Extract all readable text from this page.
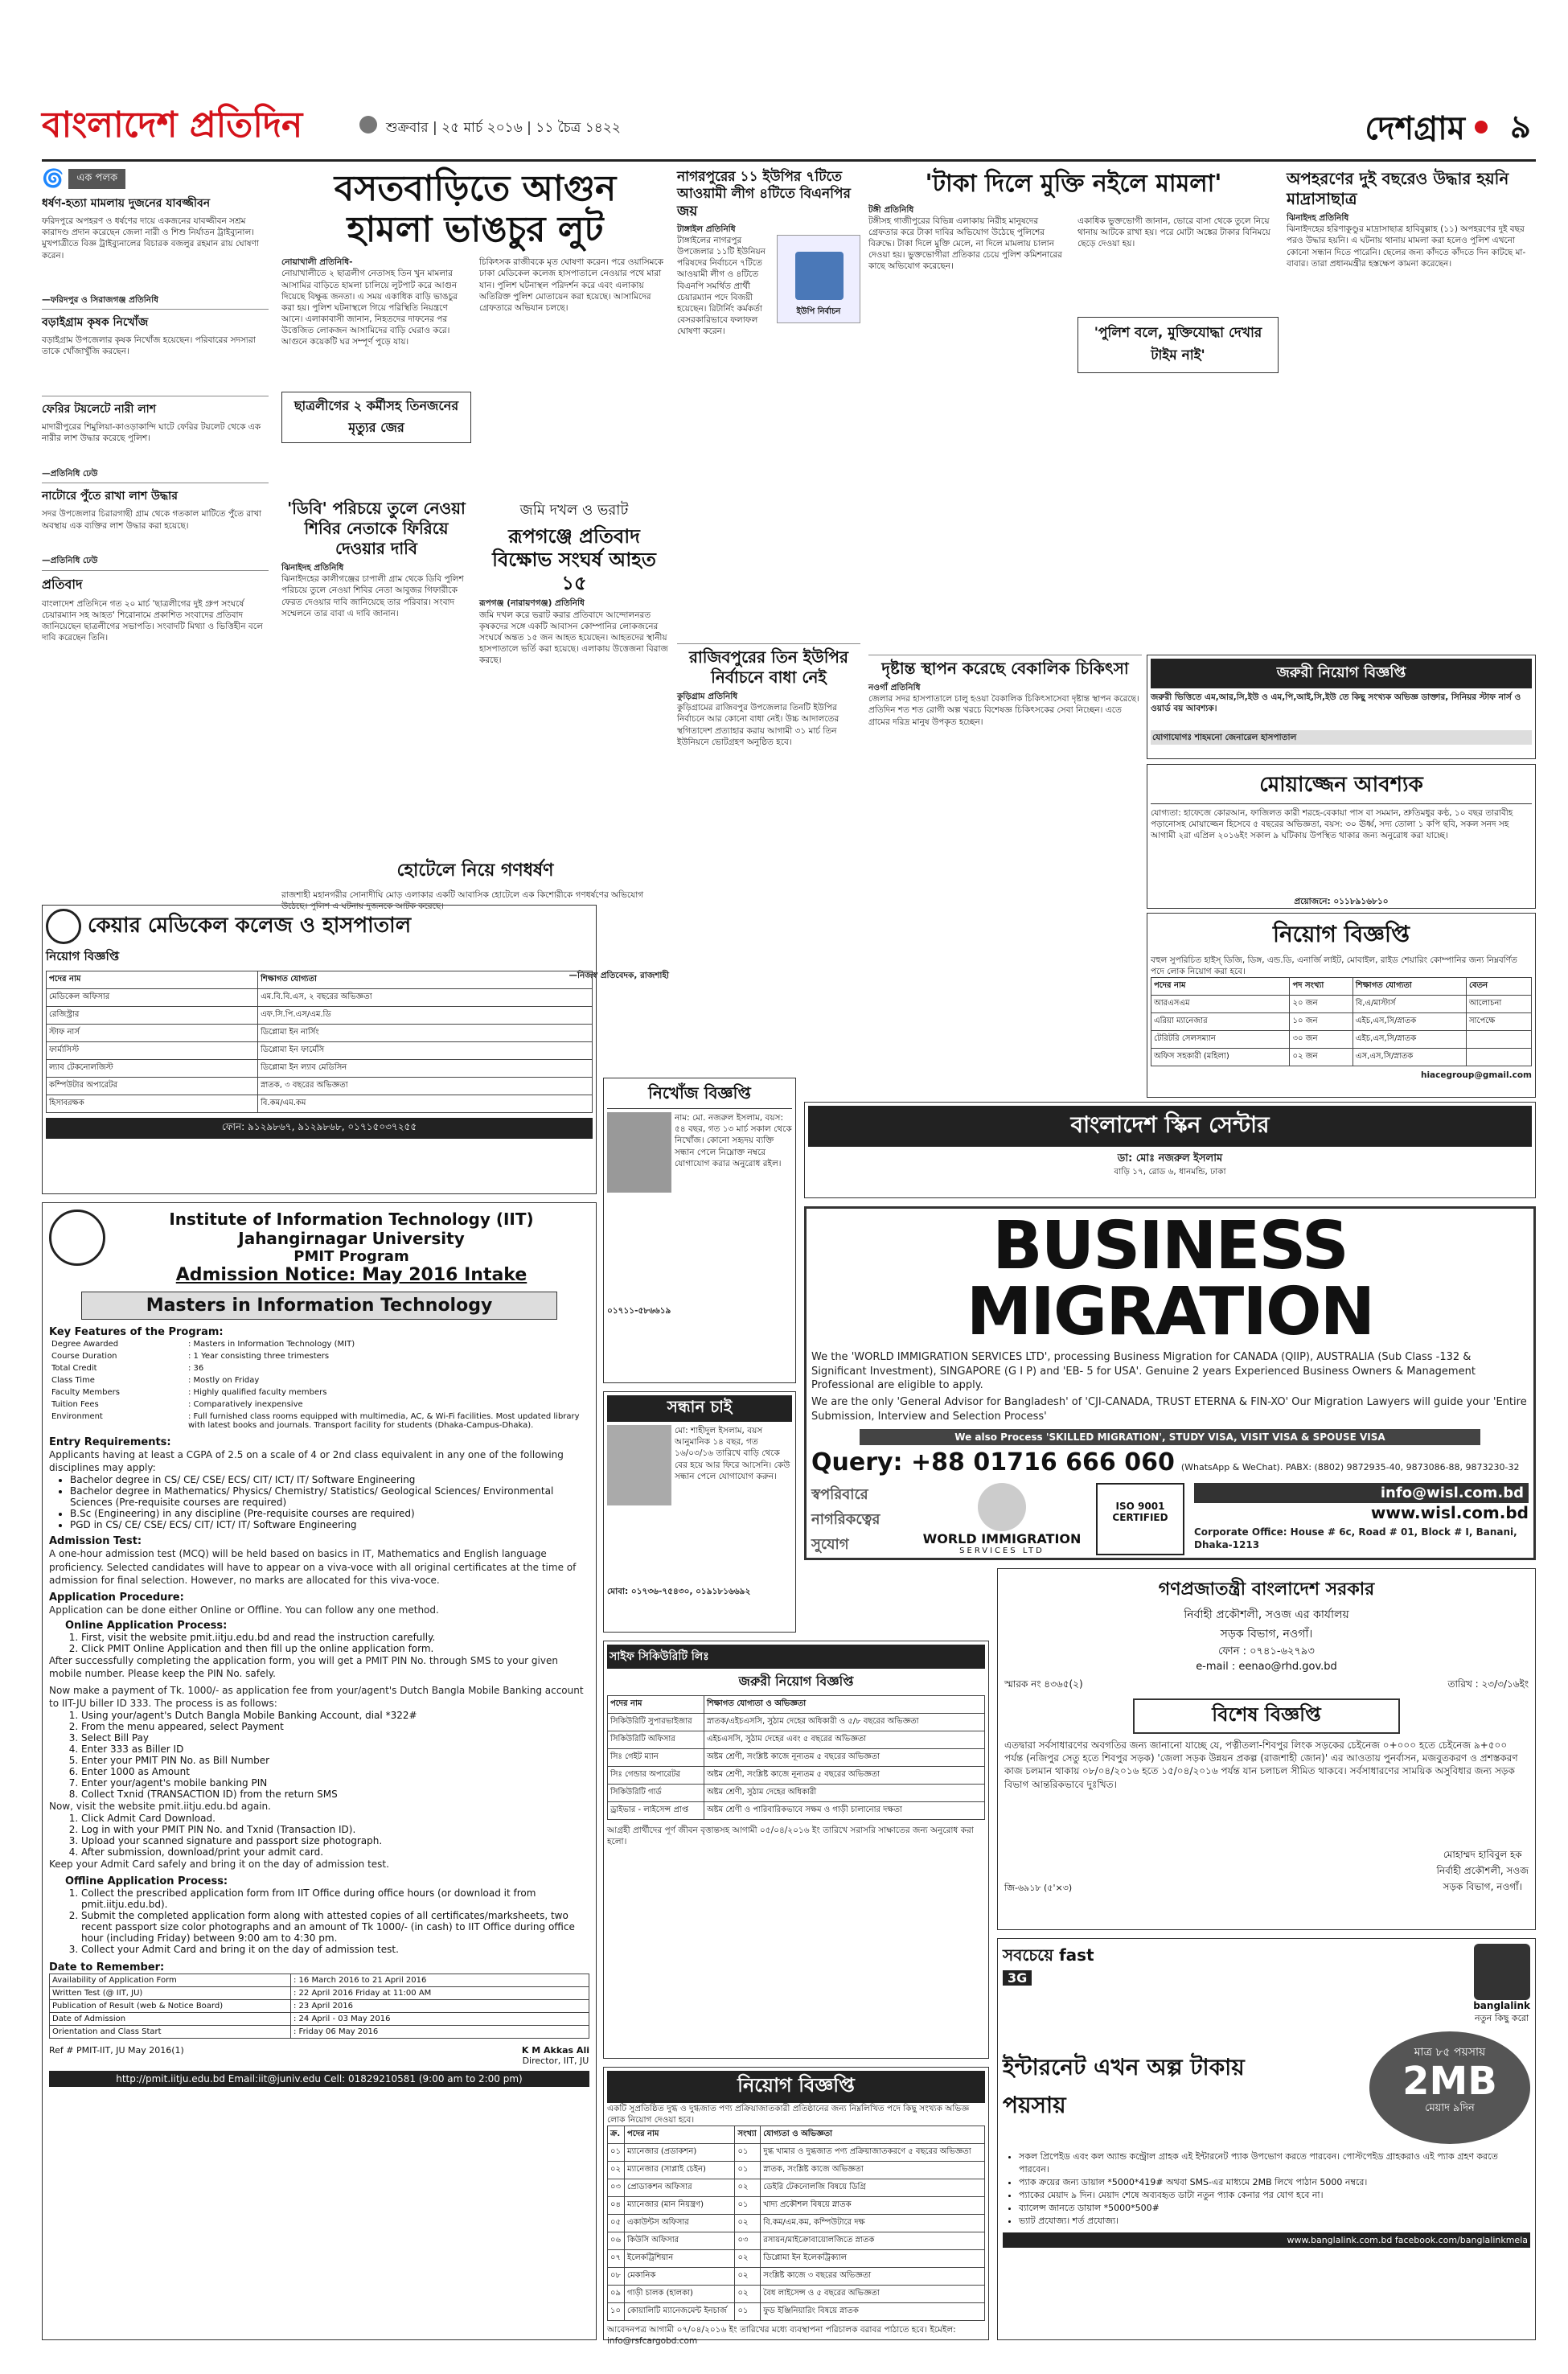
বাংলাদেশ প্রতিদিন	শুক্রবার | ২৫ মার্চ ২০১৬ | ১১ চৈত্র ১৪২২	দেশগ্রাম ৯
🌀	এক পলক
ধর্ষণ-হত্যা মামলায় দুজনের যাবজ্জীবন
ফরিদপুরে অপহরণ ও ধর্ষণের দায়ে একজনের যাবজ্জীবন সশ্রম কারাদণ্ড প্রদান করেছেন জেলা নারী ও শিশু নির্যাতন ট্রাইব্যুনাল। মুখপাত্রীতে বিজ্ঞ ট্রাইব্যুনালের বিচারক বজলুর রহমান রায় ঘোষণা করেন।
—ফরিদপুর ও সিরাজগঞ্জ প্রতিনিধি
বড়াইগ্রাম কৃষক নিখোঁজ
বড়াইগ্রাম উপজেলার কৃষক নিখোঁজ হয়েছেন। পরিবারের সদস্যরা তাকে খোঁজাখুঁজি করছেন।
ফেরির টয়লেটে নারী লাশ
মাদারীপুরের শিমুলিয়া-কাওড়াকান্দি ঘাটে ফেরির টয়লেট থেকে এক নারীর লাশ উদ্ধার করেছে পুলিশ।
—প্রতিনিধি ঢেউ
নাটোরে পুঁতে রাখা লাশ উদ্ধার
সদর উপজেলার চিরারগাছী গ্রাম থেকে গতকাল মাটিতে পুঁতে রাখা অবস্থায় এক ব্যক্তির লাশ উদ্ধার করা হয়েছে।
—প্রতিনিধি ঢেউ
প্রতিবাদ
বাংলাদেশ প্রতিদিনে গত ২০ মার্চ 'ছাত্রলীগের দুই গ্রুপ সংঘর্ষে চেয়ারম্যান সহ আহত' শিরোনামে প্রকাশিত সংবাদের প্রতিবাদ জানিয়েছেন ছাত্রলীগের সভাপতি। সংবাদটি মিথ্যা ও ভিত্তিহীন বলে দাবি করেছেন তিনি।
বসতবাড়িতে আগুন
হামলা ভাঙচুর লুট
নোয়াখালী প্রতিনিধি-
নোয়াখালীতে ২ ছাত্রলীগ নেতাসহ তিন খুন মামলার আসামির বাড়িতে হামলা চালিয়ে লুটপাট করে আগুন দিয়েছে বিক্ষুব্ধ জনতা। এ সময় একাধিক বাড়ি ভাঙচুর করা হয়। পুলিশ ঘটনাস্থলে গিয়ে পরিস্থিতি নিয়ন্ত্রণে আনে। এলাকাবাসী জানান, নিহতদের দাফনের পর উত্তেজিত লোকজন আসামিদের বাড়ি ঘেরাও করে। আগুনে কয়েকটি ঘর সম্পূর্ণ পুড়ে যায়।
ছাত্রলীগের ২ কর্মীসহ তিনজনের মৃত্যুর জের
চিকিৎসক রাজীবকে মৃত ঘোষণা করেন। পরে ওয়াসিমকে ঢাকা মেডিকেল কলেজ হাসপাতালে নেওয়ার পথে মারা যান। পুলিশ ঘটনাস্থল পরিদর্শন করে এবং এলাকায় অতিরিক্ত পুলিশ মোতায়েন করা হয়েছে। আসামিদের গ্রেফতারে অভিযান চলছে।
'ডিবি' পরিচয়ে তুলে নেওয়া শিবির নেতাকে ফিরিয়ে দেওয়ার দাবি
ঝিনাইদহ প্রতিনিধি
ঝিনাইদহের কালীগঞ্জের চাপালী গ্রাম থেকে ডিবি পুলিশ পরিচয়ে তুলে নেওয়া শিবির নেতা আবুজর গিফারীকে ফেরত দেওয়ার দাবি জানিয়েছে তার পরিবার। সংবাদ সম্মেলনে তার বাবা এ দাবি জানান।
জমি দখল ও ভরাট
রূপগঞ্জে প্রতিবাদ বিক্ষোভ সংঘর্ষ আহত ১৫
রূপগঞ্জ (নারায়ণগঞ্জ) প্রতিনিধি
জমি দখল করে ভরাট করার প্রতিবাদে আন্দোলনরত কৃষকদের সঙ্গে একটি আবাসন কোম্পানির লোকজনের সংঘর্ষে অন্তত ১৫ জন আহত হয়েছেন। আহতদের স্থানীয় হাসপাতালে ভর্তি করা হয়েছে। এলাকায় উত্তেজনা বিরাজ করছে।
হোটেলে নিয়ে গণধর্ষণ
রাজশাহী মহানগরীর সোনাদীঘি মোড় এলাকার একটি আবাসিক হোটেলে এক কিশোরীকে গণধর্ষণের অভিযোগ উঠেছে। পুলিশ এ ঘটনায় দুজনকে আটক করেছে।
—নিজস্ব প্রতিবেদক, রাজশাহী
নাগরপুরের ১১ ইউপির ৭টিতে আওয়ামী লীগ ৪টিতে বিএনপির জয়
টাঙ্গাইল প্রতিনিধি
টাঙ্গাইলের নাগরপুর উপজেলার ১১টি ইউনিয়ন পরিষদের নির্বাচনে ৭টিতে আওয়ামী লীগ ও ৪টিতে বিএনপি সমর্থিত প্রার্থী চেয়ারম্যান পদে বিজয়ী হয়েছেন। রিটার্নিং কর্মকর্তা বেসরকারিভাবে ফলাফল ঘোষণা করেন।
ইউপি নির্বাচন
রাজিবপুরের তিন ইউপির নির্বাচনে বাধা নেই
কুড়িগ্রাম প্রতিনিধি
কুড়িগ্রামের রাজিবপুর উপজেলার তিনটি ইউপির নির্বাচনে আর কোনো বাধা নেই। উচ্চ আদালতের স্থগিতাদেশ প্রত্যাহার করায় আগামী ৩১ মার্চ তিন ইউনিয়নে ভোটগ্রহণ অনুষ্ঠিত হবে।
'টাকা দিলে মুক্তি নইলে মামলা'
টঙ্গী প্রতিনিধি
টঙ্গীসহ গাজীপুরের বিভিন্ন এলাকায় নিরীহ মানুষদের গ্রেফতার করে টাকা দাবির অভিযোগ উঠেছে পুলিশের বিরুদ্ধে। টাকা দিলে মুক্তি মেলে, না দিলে মামলায় চালান দেওয়া হয়। ভুক্তভোগীরা প্রতিকার চেয়ে পুলিশ কমিশনারের কাছে অভিযোগ করেছেন।
একাধিক ভুক্তভোগী জানান, ভোরে বাসা থেকে তুলে নিয়ে থানায় আটকে রাখা হয়। পরে মোটা অঙ্কের টাকার বিনিময়ে ছেড়ে দেওয়া হয়।
'পুলিশ বলে, মুক্তিযোদ্ধা দেখার টাইম নাই'
দৃষ্টান্ত স্থাপন করেছে বেকালিক চিকিৎসা
নওগাঁ প্রতিনিধি
জেলার সদর হাসপাতালে চালু হওয়া বৈকালিক চিকিৎসাসেবা দৃষ্টান্ত স্থাপন করেছে। প্রতিদিন শত শত রোগী অল্প খরচে বিশেষজ্ঞ চিকিৎসকের সেবা নিচ্ছেন। এতে গ্রামের দরিদ্র মানুষ উপকৃত হচ্ছেন।
অপহরণের দুই বছরেও উদ্ধার হয়নি মাদ্রাসাছাত্র
ঝিনাইদহ প্রতিনিধি
ঝিনাইদহের হরিণাকুণ্ডুর মাদ্রাসাছাত্র হাবিবুল্লাহ (১১) অপহরণের দুই বছর পরও উদ্ধার হয়নি। এ ঘটনায় থানায় মামলা করা হলেও পুলিশ এখনো কোনো সন্ধান দিতে পারেনি। ছেলের জন্য কাঁদতে কাঁদতে দিন কাটছে মা-বাবার। তারা প্রধানমন্ত্রীর হস্তক্ষেপ কামনা করেছেন।
জরুরী নিয়োগ বিজ্ঞপ্তি
জরুরী ভিত্তিতে এম,আর,সি,ইউ ও এম,পি,আই,সি,ইউ তে কিছু সংখ্যক অভিজ্ঞ ডাক্তার, সিনিয়র স্টাফ নার্স ও ওয়ার্ড বয় আবশ্যক।
যোগাযোগঃ শাহমনো জেনারেল হাসপাতাল
মোয়াজ্জেন আবশ্যক
যোগ্যতা: হাফেজে কোরআন, ফাজিলত কারী শরহে-বেকায়া পাস বা সমমান, শ্রুতিমধুর কণ্ঠ, ১০ বছর তারাবীহ পড়ানোসহ মোয়াজ্জেন হিসেবে ৫ বছরের অভিজ্ঞতা, বয়স: ৩০ ঊর্ধ্ব, সদ্য তোলা ১ কপি ছবি, সকল সনদ সহ আগামী ২রা এপ্রিল ২০১৬ইং সকাল ৯ ঘটিকায় উপস্থিত থাকার জন্য অনুরোধ করা যাচ্ছে।
প্রয়োজনে: ০১১৮৯১৬৮১০
নিয়োগ বিজ্ঞপ্তি
বহুল সুপরিচিত হাইস্ ডিজি, ডিঙ্গ, এন্ড.ডি, এনার্জি লাইট, মোবাইল, রাইড শেয়ারিং কোম্পানির জন্য নিম্নবর্ণিত পদে লোক নিয়োগ করা হবে।
পদের নাম	পদ সংখ্যা	শিক্ষাগত যোগ্যতা	বেতন
আরএসএম	২০ জন	বি,এ/মাস্টার্স	আলোচনা
এরিয়া ম্যানেজার	১০ জন	এইচ,এস,সি/স্নাতক	সাপেক্ষে
টেরিটরি সেলসম্যান	৩০ জন	এইচ,এস,সি/স্নাতক	
অফিস সহকারী (মহিলা)	০২ জন	এস,এস,সি/স্নাতক	
hiacegroup@gmail.com
কেয়ার মেডিকেল কলেজ ও হাসপাতাল
নিয়োগ বিজ্ঞপ্তি
পদের নাম	শিক্ষাগত যোগ্যতা
মেডিকেল অফিসার	এম.বি.বি.এস, ২ বছরের অভিজ্ঞতা
রেজিস্ট্রার	এফ.সি.পি.এস/এম.ডি
স্টাফ নার্স	ডিপ্লোমা ইন নার্সিং
ফার্মাসিস্ট	ডিপ্লোমা ইন ফার্মেসি
ল্যাব টেকনোলজিস্ট	ডিপ্লোমা ইন ল্যাব মেডিসিন
কম্পিউটার অপারেটর	স্নাতক, ৩ বছরের অভিজ্ঞতা
হিসাবরক্ষক	বি.কম/এম.কম
ফোন: ৯১২৯৮৬৭, ৯১২৯৮৬৮, ০১৭১৫০৩৭২৫৫
নিখোঁজ বিজ্ঞপ্তি
নাম: মো. নজরুল ইসলাম, বয়স: ৫৪ বছর, গত ১৩ মার্চ সকাল থেকে নিখোঁজ। কোনো সহৃদয় ব্যক্তি সন্ধান পেলে নিম্নোক্ত নম্বরে যোগাযোগ করার অনুরোধ রইল।
০১৭১১-৫৮৬৬১৯
বাংলাদেশ স্কিন সেন্টার
ডা: মোঃ নজরুল ইসলাম
বাড়ি ১৭, রোড ৬, ধানমন্ডি, ঢাকা
BUSINESS MIGRATION
We the 'WORLD IMMIGRATION SERVICES LTD', processing Business Migration for CANADA (QIIP), AUSTRALIA (Sub Class -132 & Significant Investment), SINGAPORE (G I P) and 'EB- 5 for USA'. Genuine 2 years Experienced Business Owners & Management Professional are eligible to apply.
We are the only 'General Advisor for Bangladesh' of 'CJI-CANADA, TRUST ETERNA & FIN-XO' Our Migration Lawyers will guide your 'Entire Submission, Interview and Selection Process'
We also Process 'SKILLED MIGRATION', STUDY VISA, VISIT VISA & SPOUSE VISA
Query: +88 01716 666 060 (WhatsApp & WeChat). PABX: (8802) 9872935-40, 9873086-88, 9873230-32
স্বপরিবারে নাগরিকত্বের সুযোগ	WORLD IMMIGRATION
SERVICES LTD
ISO 9001 CERTIFIED
info@wisl.com.bd
www.wisl.com.bd
Corporate Office: House # 6c, Road # 01, Block # I, Banani, Dhaka-1213
সন্ধান চাই
মো: শাহীদুল ইসলাম, বয়স আনুমানিক ১৪ বছর, গত ১৬/০৩/১৬ তারিখে বাড়ি থেকে বের হয়ে আর ফিরে আসেনি। কেউ সন্ধান পেলে যোগাযোগ করুন।
মোবা: ০১৭৩৬-৭৫৪৩০, ০১৯১৮১৬৬৯২
Institute of Information Technology (IIT)
Jahangirnagar University
PMIT Program
Admission Notice: May 2016 Intake
Masters in Information Technology
Key Features of the Program:
Degree Awarded	: Masters in Information Technology (MIT)
Course Duration	: 1 Year consisting three trimesters
Total Credit	: 36
Class Time	: Mostly on Friday
Faculty Members	: Highly qualified faculty members
Tuition Fees	: Comparatively inexpensive
Environment	: Full furnished class rooms equipped with multimedia, AC, & Wi-Fi facilities. Most updated library with latest books and journals. Transport facility for students (Dhaka-Campus-Dhaka).
Entry Requirements:
Applicants having at least a CGPA of 2.5 on a scale of 4 or 2nd class equivalent in any one of the following disciplines may apply:
• Bachelor degree in CS/ CE/ CSE/ ECS/ CIT/ ICT/ IT/ Software Engineering
• Bachelor degree in Mathematics/ Physics/ Chemistry/ Statistics/ Geological Sciences/ Environmental Sciences (Pre-requisite courses are required)
• B.Sc (Engineering) in any discipline (Pre-requisite courses are required)
• PGD in CS/ CE/ CSE/ ECS/ CIT/ ICT/ IT/ Software Engineering
Admission Test:
A one-hour admission test (MCQ) will be held based on basics in IT, Mathematics and English language proficiency. Selected candidates will have to appear on a viva-voce with all original certificates at the time of admission for final selection. However, no marks are allocated for this viva-voce.
Application Procedure:
Application can be done either Online or Offline. You can follow any one method.
Online Application Process:
1. First, visit the website pmit.iitju.edu.bd and read the instruction carefully.
2. Click PMIT Online Application and then fill up the online application form.
After successfully completing the application form, you will get a PMIT PIN No. through SMS to your given mobile number. Please keep the PIN No. safely.
Now make a payment of Tk. 1000/- as application fee from your/agent's Dutch Bangla Mobile Banking account to IIT-JU biller ID 333. The process is as follows:
1. Using your/agent's Dutch Bangla Mobile Banking Account, dial *322#
2. From the menu appeared, select Payment
3. Select Bill Pay
4. Enter 333 as Biller ID
5. Enter your PMIT PIN No. as Bill Number
6. Enter 1000 as Amount
7. Enter your/agent's mobile banking PIN
8. Collect Txnid (TRANSACTION ID) from the return SMS
Now, visit the website pmit.iitju.edu.bd again.
1. Click Admit Card Download.
2. Log in with your PMIT PIN No. and Txnid (Transaction ID).
3. Upload your scanned signature and passport size photograph.
4. After submission, download/print your admit card.
Keep your Admit Card safely and bring it on the day of admission test.
Offline Application Process:
1. Collect the prescribed application form from IIT Office during office hours (or download it from pmit.iitju.edu.bd).
2. Submit the completed application form along with attested copies of all certificates/marksheets, two recent passport size color photographs and an amount of Tk 1000/- (in cash) to IIT Office during office hour (including Friday) between 9:00 am to 4:30 pm.
3. Collect your Admit Card and bring it on the day of admission test.
Date to Remember:
Availability of Application Form	: 16 March 2016 to 21 April 2016
Written Test (@ IIT, JU)	: 22 April 2016 Friday at 11:00 AM
Publication of Result (web & Notice Board)	: 23 April 2016
Date of Admission	: 24 April - 03 May 2016
Orientation and Class Start	: Friday 06 May 2016
Ref # PMIT-IIT, JU May 2016(1)	K M Akkas Ali
Director, IIT, JU
http://pmit.iitju.edu.bd Email:iit@juniv.edu Cell: 01829210581 (9:00 am to 2:00 pm)
সাইফ সিকিউরিটি লিঃ
জরুরী নিয়োগ বিজ্ঞপ্তি
পদের নাম	শিক্ষাগত যোগ্যতা ও অভিজ্ঞতা
সিকিউরিটি সুপারভাইজার	স্নাতক/এইচএসসি, সুঠাম দেহের অধিকারী ও ৫/৮ বছরের অভিজ্ঞতা
সিকিউরিটি অফিসার	এইচএসসি, সুঠাম দেহের এবং ৫ বছরের অভিজ্ঞতা
সিঃ গেইট ম্যান	অষ্টম শ্রেণী, সংশ্লিষ্ট কাজে নূন্যতম ৫ বছরের অভিজ্ঞতা
সিঃ গেন্ডার অপারেটর	অষ্টম শ্রেণী, সংশ্লিষ্ট কাজে নূন্যতম ৫ বছরের অভিজ্ঞতা
সিকিউরিটি গার্ড	অষ্টম শ্রেণী, সুঠাম দেহের অধিকারী
ড্রাইভার - লাইসেন্স প্রাপ্ত	অষ্টম শ্রেণী ও পারিবারিকভাবে সক্ষম ও গাড়ী চালানোর দক্ষতা
আগ্রহী প্রার্থীদের পূর্ণ জীবন বৃত্তান্তসহ আগামী ০৫/০৪/২০১৬ ইং তারিখে সরাসরি সাক্ষাতের জন্য অনুরোধ করা হলো।
নিয়োগ বিজ্ঞপ্তি
একটি সুপ্রতিষ্ঠিত দুগ্ধ ও দুগ্ধজাত পণ্য প্রক্রিয়াজাতকারী প্রতিষ্ঠানের জন্য নিম্নলিখিত পদে কিছু সংখ্যক অভিজ্ঞ লোক নিয়োগ দেওয়া হবে।
ক্র.	পদের নাম	সংখ্যা	যোগ্যতা ও অভিজ্ঞতা
০১	ম্যানেজার (প্রডাকশন)	০১	দুগ্ধ খামার ও দুগ্ধজাত পণ্য প্রক্রিয়াজাতকরণে ৫ বছরের অভিজ্ঞতা
০২	ম্যানেজার (সাপ্লাই চেইন)	০১	স্নাতক, সংশ্লিষ্ট কাজে অভিজ্ঞতা
০৩	প্রোডাকশন অফিসার	০২	ডেইরি টেকনোলজি বিষয়ে ডিগ্রি
০৪	ম্যানেজার (মান নিয়ন্ত্রণ)	০১	খাদ্য প্রকৌশল বিষয়ে স্নাতক
০৫	একাউন্টস অফিসার	০২	বি.কম/এম.কম, কম্পিউটারে দক্ষ
০৬	কিউসি অফিসার	০৩	রসায়ন/মাইক্রোবায়োলজিতে স্নাতক
০৭	ইলেকট্রিশিয়ান	০২	ডিপ্লোমা ইন ইলেকট্রিক্যাল
০৮	মেকানিক	০২	সংশ্লিষ্ট কাজে ৩ বছরের অভিজ্ঞতা
০৯	গাড়ী চালক (হালকা)	০২	বৈধ লাইসেন্স ও ৫ বছরের অভিজ্ঞতা
১০	কোয়ালিটি ম্যানেজমেন্ট ইনচার্জ	০১	ফুড ইঞ্জিনিয়ারিং বিষয়ে স্নাতক
আবেদনপত্র আগামী ০৭/০৪/২০১৬ ইং তারিখের মধ্যে ব্যবস্থাপনা পরিচালক বরাবর পাঠাতে হবে। ইমেইল: info@rsfcargobd.com
গণপ্রজাতন্ত্রী বাংলাদেশ সরকার
নির্বাহী প্রকৌশলী, সওজ এর কার্যালয়
সড়ক বিভাগ, নওগাঁ।
ফোন : ০৭৪১-৬২৭৯৩
e-mail : eenao@rhd.gov.bd
স্মারক নং ৪৩৬৫(২)	তারিখ : ২৩/৩/১৬ইং
বিশেষ বিজ্ঞপ্তি
এতদ্বারা সর্বসাধারণের অবগতির জন্য জানানো যাচ্ছে যে, পত্নীতলা-শিবপুর লিংক সড়কের চেইনেজ ০+০০০ হতে চেইনেজ ৯+৫০০ পর্যন্ত (নজিপুর সেতু হতে শিবপুর সড়ক) 'জেলা সড়ক উন্নয়ন প্রকল্প (রাজশাহী জোন)' এর আওতায় পুনর্বাসন, মজবুতকরণ ও প্রশস্তকরণ কাজ চলমান থাকায় ০৮/০৪/২০১৬ হতে ১৫/০৪/২০১৬ পর্যন্ত যান চলাচল সীমিত থাকবে। সর্বসাধারণের সাময়িক অসুবিধার জন্য সড়ক বিভাগ আন্তরিকভাবে দুঃখিত।
জি-৬৯১৮ (৫'×৩)
মোহাম্মদ হাবিবুল হক
নির্বাহী প্রকৌশলী, সওজ
সড়ক বিভাগ, নওগাঁ।
সবচেয়ে fast
3G
banglalink
নতুন কিছু করো
ইন্টারনেট এখন অল্প টাকায় পয়সায়
মাত্র ৮৫ পয়সায়
2MB
মেয়াদ ৯দিন
• সকল প্রিপেইড এবং কল অ্যান্ড কন্ট্রোল গ্রাহক এই ইন্টারনেট প্যাক উপভোগ করতে পারবেন। পোস্টপেইড গ্রাহকরাও এই প্যাক গ্রহণ করতে পারবেন।
• প্যাক ক্রয়ের জন্য ডায়াল *5000*419# অথবা SMS-এর মাধ্যমে 2MB লিখে পাঠান 5000 নম্বরে।
• প্যাকের মেয়াদ ৯ দিন। মেয়াদ শেষে অব্যবহৃত ডাটা নতুন প্যাক কেনার পর যোগ হবে না।
• ব্যালেন্স জানতে ডায়াল *5000*500#
• ভ্যাট প্রযোজ্য। শর্ত প্রযোজ্য।
www.banglalink.com.bd facebook.com/banglalinkmela
